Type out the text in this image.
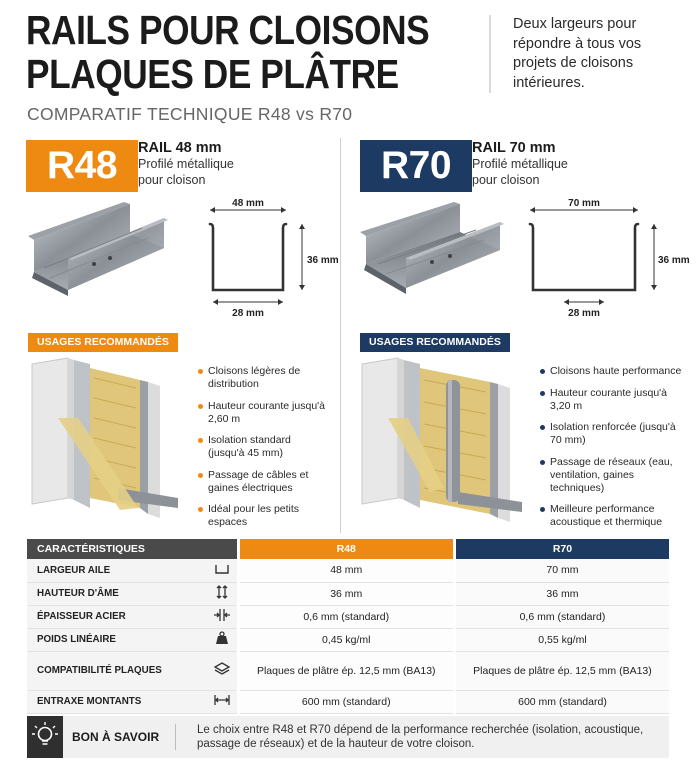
RAILS POUR CLOISONS
PLAQUES DE PLÂTRE
COMPARATIF TECHNIQUE R48 vs R70
Deux largeurs pour répondre à tous vos projets de cloisons intérieures.
R48	RAIL 48 mm
Profilé métallique pour cloison
48 mm
36 mm
28 mm
USAGES RECOMMANDÉS
Cloisons légères de distribution
Hauteur courante jusqu'à 2,60 m
Isolation standard (jusqu'à 45 mm)
Passage de câbles et gaines électriques
Idéal pour les petits espaces
R70	RAIL 70 mm
Profilé métallique pour cloison
70 mm
36 mm
28 mm
USAGES RECOMMANDÉS
Cloisons haute performance
Hauteur courante jusqu'à 3,20 m
Isolation renforcée (jusqu'à 70 mm)
Passage de réseaux (eau, ventilation, gaines techniques)
Meilleure performance acoustique et thermique
CARACTÉRISTIQUES		R48	R70
LARGEUR AILE		48 mm	70 mm
HAUTEUR D'ÂME		36 mm	36 mm
ÉPAISSEUR ACIER		0,6 mm (standard)	0,6 mm (standard)
POIDS LINÉAIRE		0,45 kg/ml	0,55 kg/ml
COMPATIBILITÉ PLAQUES		Plaques de plâtre ép. 12,5 mm (BA13)	Plaques de plâtre ép. 12,5 mm (BA13)
ENTRAXE MONTANTS		600 mm (standard)	600 mm (standard)
BON À SAVOIR	Le choix entre R48 et R70 dépend de la performance recherchée (isolation, acoustique, passage de réseaux) et de la hauteur de votre cloison.
